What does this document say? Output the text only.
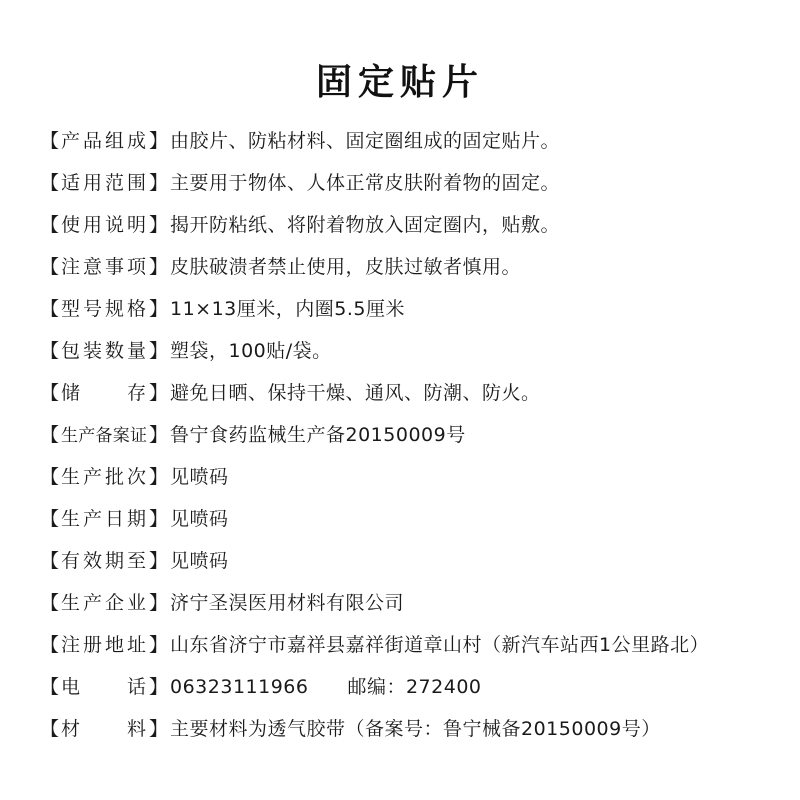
固定贴片
【 产品组成 】 由胶片、防粘材料、固定圈组成的固定贴片。
【 适用范围 】 主要用于物体、人体正常皮肤附着物的固定。
【 使用说明 】 揭开防粘纸、将附着物放入固定圈内，贴敷。
【 注意事项 】 皮肤破溃者禁止使用，皮肤过敏者慎用。
【 型号规格 】 11×13厘米，内圈5.5厘米
【 包装数量 】 塑袋，100贴/袋。
【 储存 】 避免日晒、保持干燥、通风、防潮、防火。
【 生产备案证 】 鲁宁食药监械生产备20150009号
【 生产批次 】 见喷码
【 生产日期 】 见喷码
【 有效期至 】 见喷码
【 生产企业 】 济宁圣淏医用材料有限公司
【 注册地址 】 山东省济宁市嘉祥县嘉祥街道章山村（新汽车站西1公里路北）
【 电话 】 06323111966　　邮编：272400
【 材料 】 主要材料为透气胶带（备案号：鲁宁械备20150009号）
